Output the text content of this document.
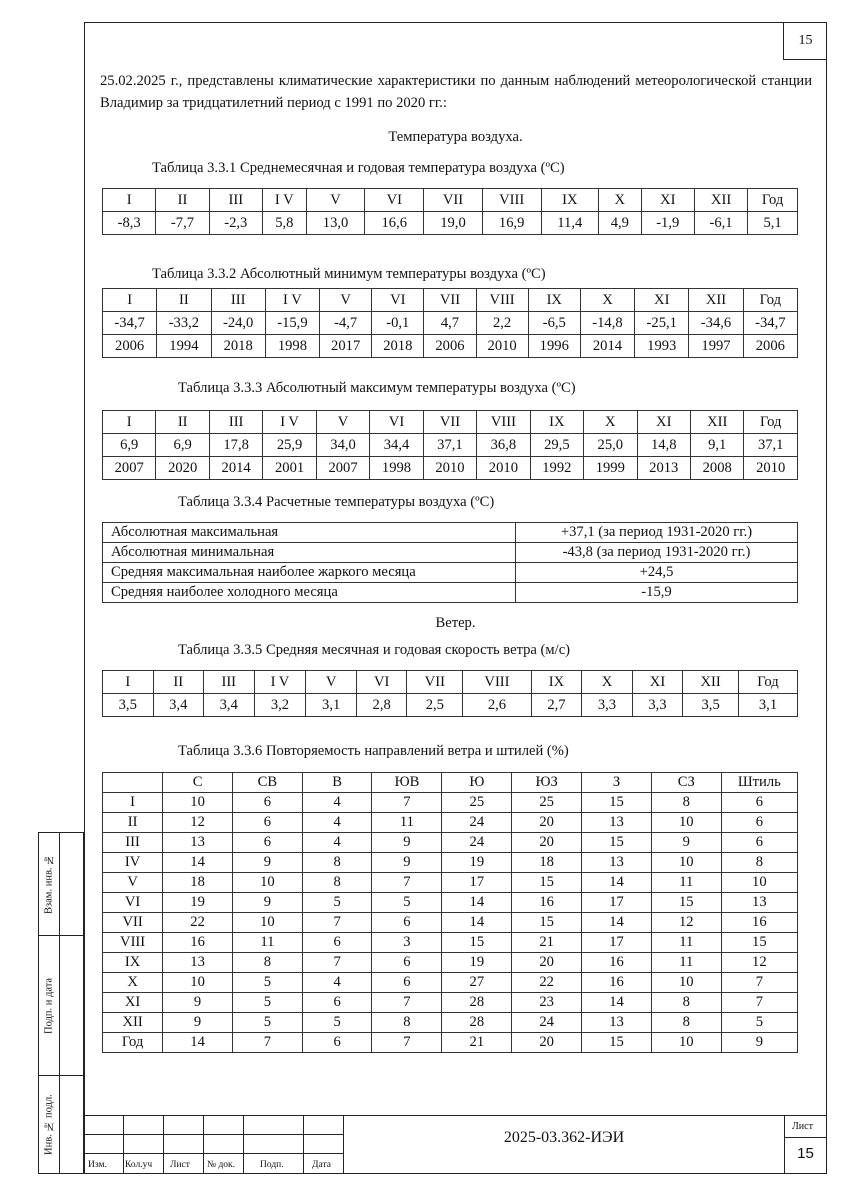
15
25.02.2025 г., представлены климатические характеристики по данным наблюдений метеорологической станции Владимир за тридцатилетний период с 1991 по 2020 гг.:
Температура воздуха.
Таблица 3.3.1 Среднемесячная и годовая температура воздуха (ºС)
I	II	III	I V	V	VI	VII	VIII	IX	X	XI	XII	Год
-8,3	-7,7	-2,3	5,8	13,0	16,6	19,0	16,9	11,4	4,9	-1,9	-6,1	5,1
Таблица 3.3.2 Абсолютный минимум температуры воздуха (ºС)
I	II	III	I V	V	VI	VII	VIII	IX	X	XI	XII	Год
-34,7	-33,2	-24,0	-15,9	-4,7	-0,1	4,7	2,2	-6,5	-14,8	-25,1	-34,6	-34,7
2006	1994	2018	1998	2017	2018	2006	2010	1996	2014	1993	1997	2006
Таблица 3.3.3 Абсолютный максимум температуры воздуха (ºС)
I	II	III	I V	V	VI	VII	VIII	IX	X	XI	XII	Год
6,9	6,9	17,8	25,9	34,0	34,4	37,1	36,8	29,5	25,0	14,8	9,1	37,1
2007	2020	2014	2001	2007	1998	2010	2010	1992	1999	2013	2008	2010
Таблица 3.3.4 Расчетные температуры воздуха (ºС)
Абсолютная максимальная	+37,1 (за период 1931-2020 гг.)
Абсолютная минимальная	-43,8 (за период 1931-2020 гг.)
Средняя максимальная наиболее жаркого месяца	+24,5
Средняя наиболее холодного месяца	-15,9
Ветер.
Таблица 3.3.5 Средняя месячная и годовая скорость ветра (м/с)
I	II	III	I V	V	VI	VII	VIII	IX	X	XI	XII	Год
3,5	3,4	3,4	3,2	3,1	2,8	2,5	2,6	2,7	3,3	3,3	3,5	3,1
Таблица 3.3.6 Повторяемость направлений ветра и штилей (%)
	С	СВ	В	ЮВ	Ю	ЮЗ	З	СЗ	Штиль
I	10	6	4	7	25	25	15	8	6
II	12	6	4	11	24	20	13	10	6
III	13	6	4	9	24	20	15	9	6
IV	14	9	8	9	19	18	13	10	8
V	18	10	8	7	17	15	14	11	10
VI	19	9	5	5	14	16	17	15	13
VII	22	10	7	6	14	15	14	12	16
VIII	16	11	6	3	15	21	17	11	15
IX	13	8	7	6	19	20	16	11	12
X	10	5	4	6	27	22	16	10	7
XI	9	5	6	7	28	23	14	8	7
XII	9	5	5	8	28	24	13	8	5
Год	14	7	6	7	21	20	15	10	9
Взам. инв. №
Подп. и дата
Инв. № подл.
Изм. Кол.уч Лист № док.	Подп.	Дата
2025-03.362-ИЭИ
Лист
15
